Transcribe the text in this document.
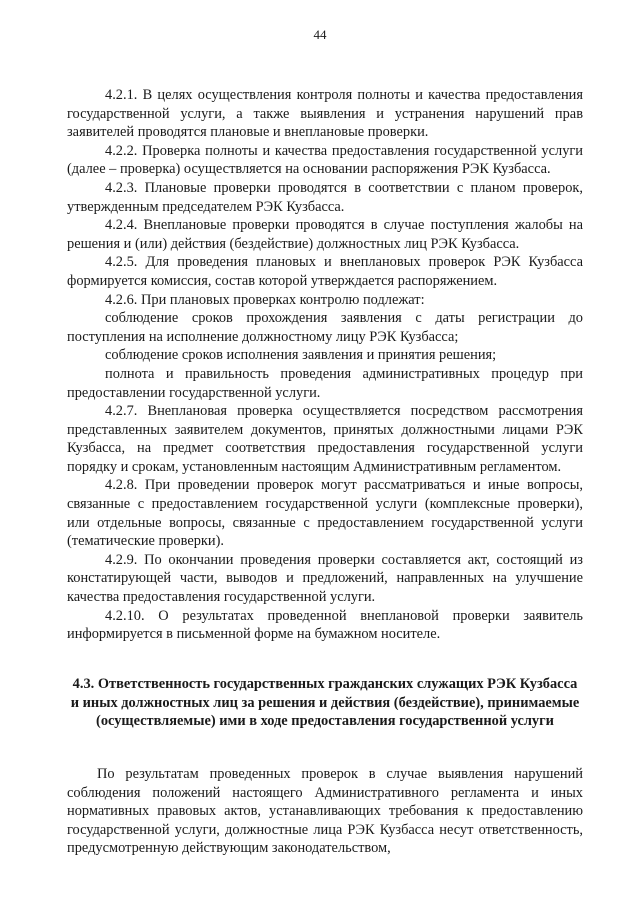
44

4.2.1. В целях осуществления контроля полноты и качества предоставления государственной услуги, а также выявления и устранения нарушений прав заявителей проводятся плановые и внеплановые проверки.

4.2.2. Проверка полноты и качества предоставления государственной услуги (далее – проверка) осуществляется на основании распоряжения РЭК Кузбасса.

4.2.3. Плановые проверки проводятся в соответствии с планом проверок, утвержденным председателем РЭК Кузбасса.

4.2.4. Внеплановые проверки проводятся в случае поступления жалобы на решения и (или) действия (бездействие) должностных лиц РЭК Кузбасса.

4.2.5. Для проведения плановых и внеплановых проверок РЭК Кузбасса формируется комиссия, состав которой утверждается распоряжением.

4.2.6. При плановых проверках контролю подлежат:

соблюдение сроков прохождения заявления с даты регистрации до поступления на исполнение должностному лицу РЭК Кузбасса;

соблюдение сроков исполнения заявления и принятия решения;

полнота и правильность проведения административных процедур при предоставлении государственной услуги.

4.2.7. Внеплановая проверка осуществляется посредством рассмотрения представленных заявителем документов, принятых должностными лицами РЭК Кузбасса, на предмет соответствия предоставления государственной услуги порядку и срокам, установленным настоящим Административным регламентом.

4.2.8. При проведении проверок могут рассматриваться и иные вопросы, связанные с предоставлением государственной услуги (комплексные проверки), или отдельные вопросы, связанные с предоставлением государственной услуги (тематические проверки).

4.2.9. По окончании проведения проверки составляется акт, состоящий из констатирующей части, выводов и предложений, направленных на улучшение качества предоставления государственной услуги.

4.2.10. О результатах проведенной внеплановой проверки заявитель информируется в письменной форме на бумажном носителе.

4.3. Ответственность государственных гражданских служащих РЭК Кузбасса и иных должностных лиц за решения и действия (бездействие), принимаемые (осуществляемые) ими в ходе предоставления государственной услуги

По результатам проведенных проверок в случае выявления нарушений соблюдения положений настоящего Административного регламента и иных нормативных правовых актов, устанавливающих требования к предоставлению государственной услуги, должностные лица РЭК Кузбасса несут ответственность, предусмотренную действующим законодательством,
